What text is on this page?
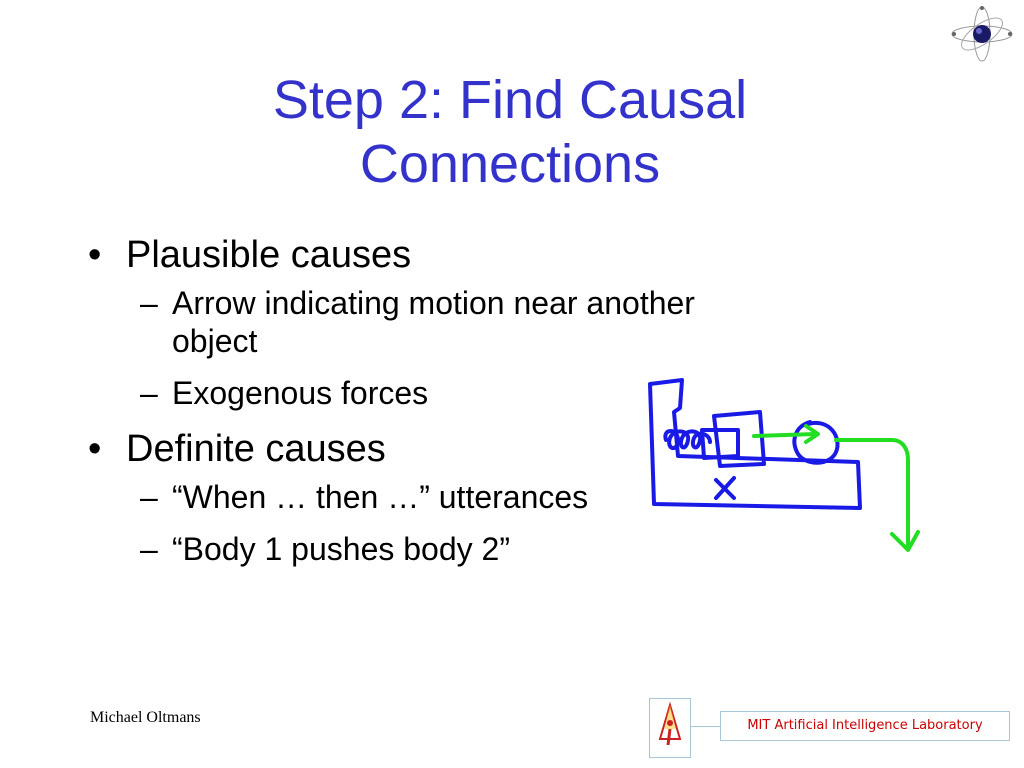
Step 2: Find Causal Connections
• Plausible causes
– Arrow indicating motion near another object
– Exogenous forces
• Definite causes
– “When … then …” utterances
– “Body 1 pushes body 2”
Michael Oltmans	MIT Artificial Intelligence Laboratory
